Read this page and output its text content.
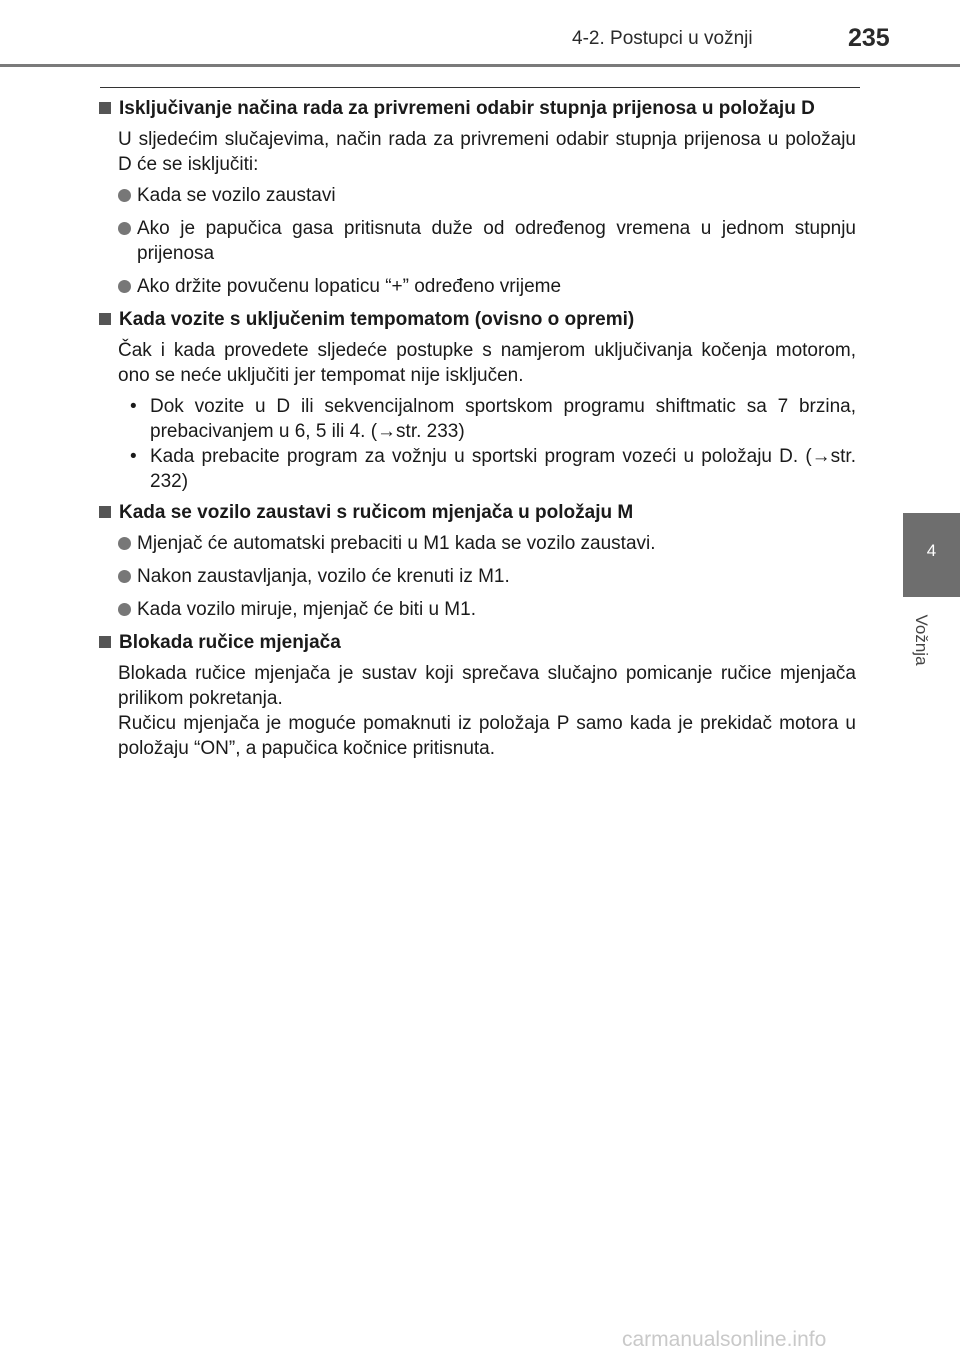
4-2. Postupci u vožnji	235
4
Vožnja
Isključivanje načina rada za privremeni odabir stupnja prijenosa u položaju D

U sljedećim slučajevima, način rada za privremeni odabir stupnja prijenosa u položaju D će se isključiti:

Kada se vozilo zaustavi
Ako je papučica gasa pritisnuta duže od određenog vremena u jednom stupnju prijenosa
Ako držite povučenu lopaticu “+” određeno vrijeme
Kada vozite s uključenim tempomatom (ovisno o opremi)

Čak i kada provedete sljedeće postupke s namjerom uključivanja kočenja motorom, ono se neće uključiti jer tempomat nije isključen.

• Dok vozite u D ili sekvencijalnom sportskom programu shiftmatic sa 7 brzina, prebacivanjem u 6, 5 ili 4. (→str. 233)
• Kada prebacite program za vožnju u sportski program vozeći u položaju D. (→str. 232)
Kada se vozilo zaustavi s ručicom mjenjača u položaju M
Mjenjač će automatski prebaciti u M1 kada se vozilo zaustavi.
Nakon zaustavljanja, vozilo će krenuti iz M1.
Kada vozilo miruje, mjenjač će biti u M1.
Blokada ručice mjenjača

Blokada ručice mjenjača je sustav koji sprečava slučajno pomicanje ručice mjenjača prilikom pokretanja.

Ručicu mjenjača je moguće pomaknuti iz položaja P samo kada je prekidač motora u položaju “ON”, a papučica kočnice pritisnuta.

carmanualsonline.info
